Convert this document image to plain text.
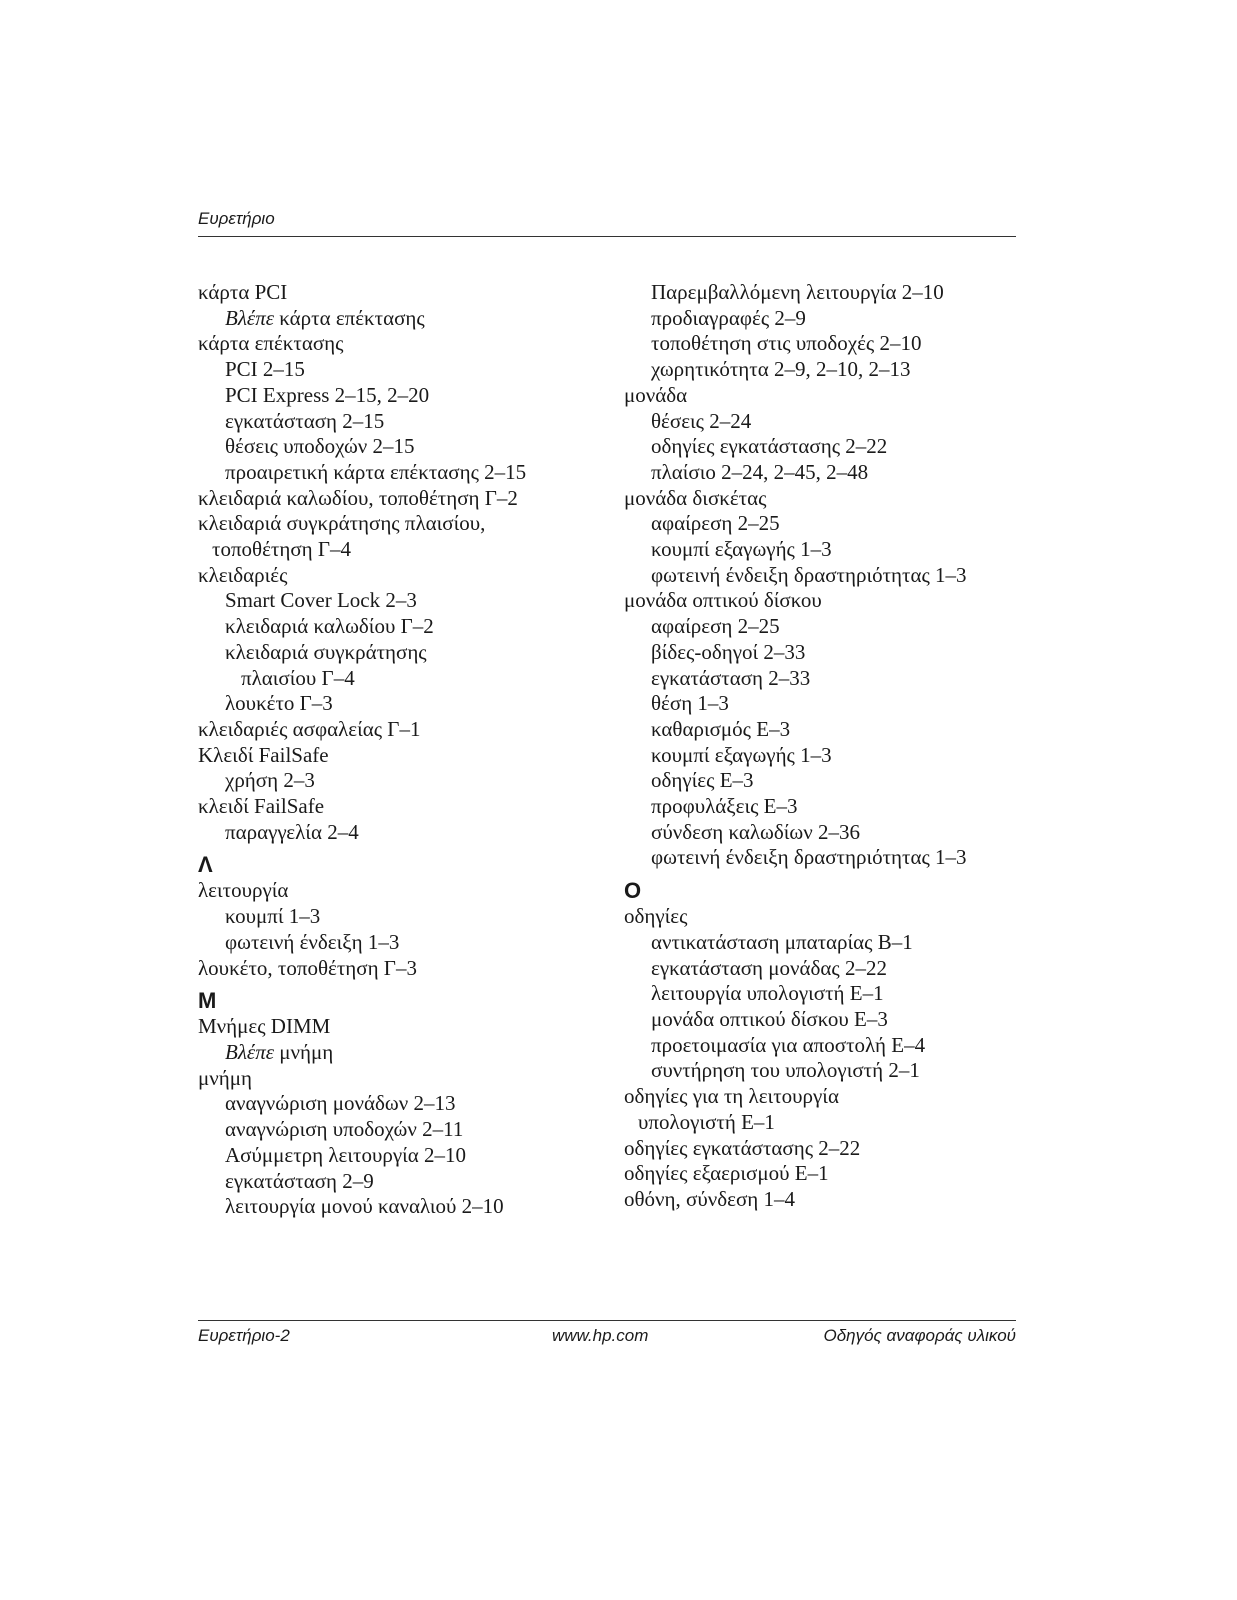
Ευρετήριο
κάρτα PCI
Βλέπε κάρτα επέκτασης
κάρτα επέκτασης
PCI 2–15
PCI Express 2–15, 2–20
εγκατάσταση 2–15
θέσεις υποδοχών 2–15
προαιρετική κάρτα επέκτασης 2–15
κλειδαριά καλωδίου, τοποθέτηση Γ–2
κλειδαριά συγκράτησης πλαισίου,
τοποθέτηση Γ–4
κλειδαριές
Smart Cover Lock 2–3
κλειδαριά καλωδίου Γ–2
κλειδαριά συγκράτησης
πλαισίου Γ–4
λουκέτο Γ–3
κλειδαριές ασφαλείας Γ–1
Κλειδί FailSafe
χρήση 2–3
κλειδί FailSafe
παραγγελία 2–4
Λ
λειτουργία
κουμπί 1–3
φωτεινή ένδειξη 1–3
λουκέτο, τοποθέτηση Γ–3
Μ
Μνήμες DIMM
Βλέπε μνήμη
μνήμη
αναγνώριση μονάδων 2–13
αναγνώριση υποδοχών 2–11
Ασύμμετρη λειτουργία 2–10
εγκατάσταση 2–9
λειτουργία μονού καναλιού 2–10
Παρεμβαλλόμενη λειτουργία 2–10
προδιαγραφές 2–9
τοποθέτηση στις υποδοχές 2–10
χωρητικότητα 2–9, 2–10, 2–13
μονάδα
θέσεις 2–24
οδηγίες εγκατάστασης 2–22
πλαίσιο 2–24, 2–45, 2–48
μονάδα δισκέτας
αφαίρεση 2–25
κουμπί εξαγωγής 1–3
φωτεινή ένδειξη δραστηριότητας 1–3
μονάδα οπτικού δίσκου
αφαίρεση 2–25
βίδες-οδηγοί 2–33
εγκατάσταση 2–33
θέση 1–3
καθαρισμός Ε–3
κουμπί εξαγωγής 1–3
οδηγίες Ε–3
προφυλάξεις Ε–3
σύνδεση καλωδίων 2–36
φωτεινή ένδειξη δραστηριότητας 1–3
Ο
οδηγίες
αντικατάσταση μπαταρίας Β–1
εγκατάσταση μονάδας 2–22
λειτουργία υπολογιστή Ε–1
μονάδα οπτικού δίσκου Ε–3
προετοιμασία για αποστολή Ε–4
συντήρηση του υπολογιστή 2–1
οδηγίες για τη λειτουργία
υπολογιστή Ε–1
οδηγίες εγκατάστασης 2–22
οδηγίες εξαερισμού Ε–1
οθόνη, σύνδεση 1–4
Ευρετήριο-2	www.hp.com	Οδηγός αναφοράς υλικού
